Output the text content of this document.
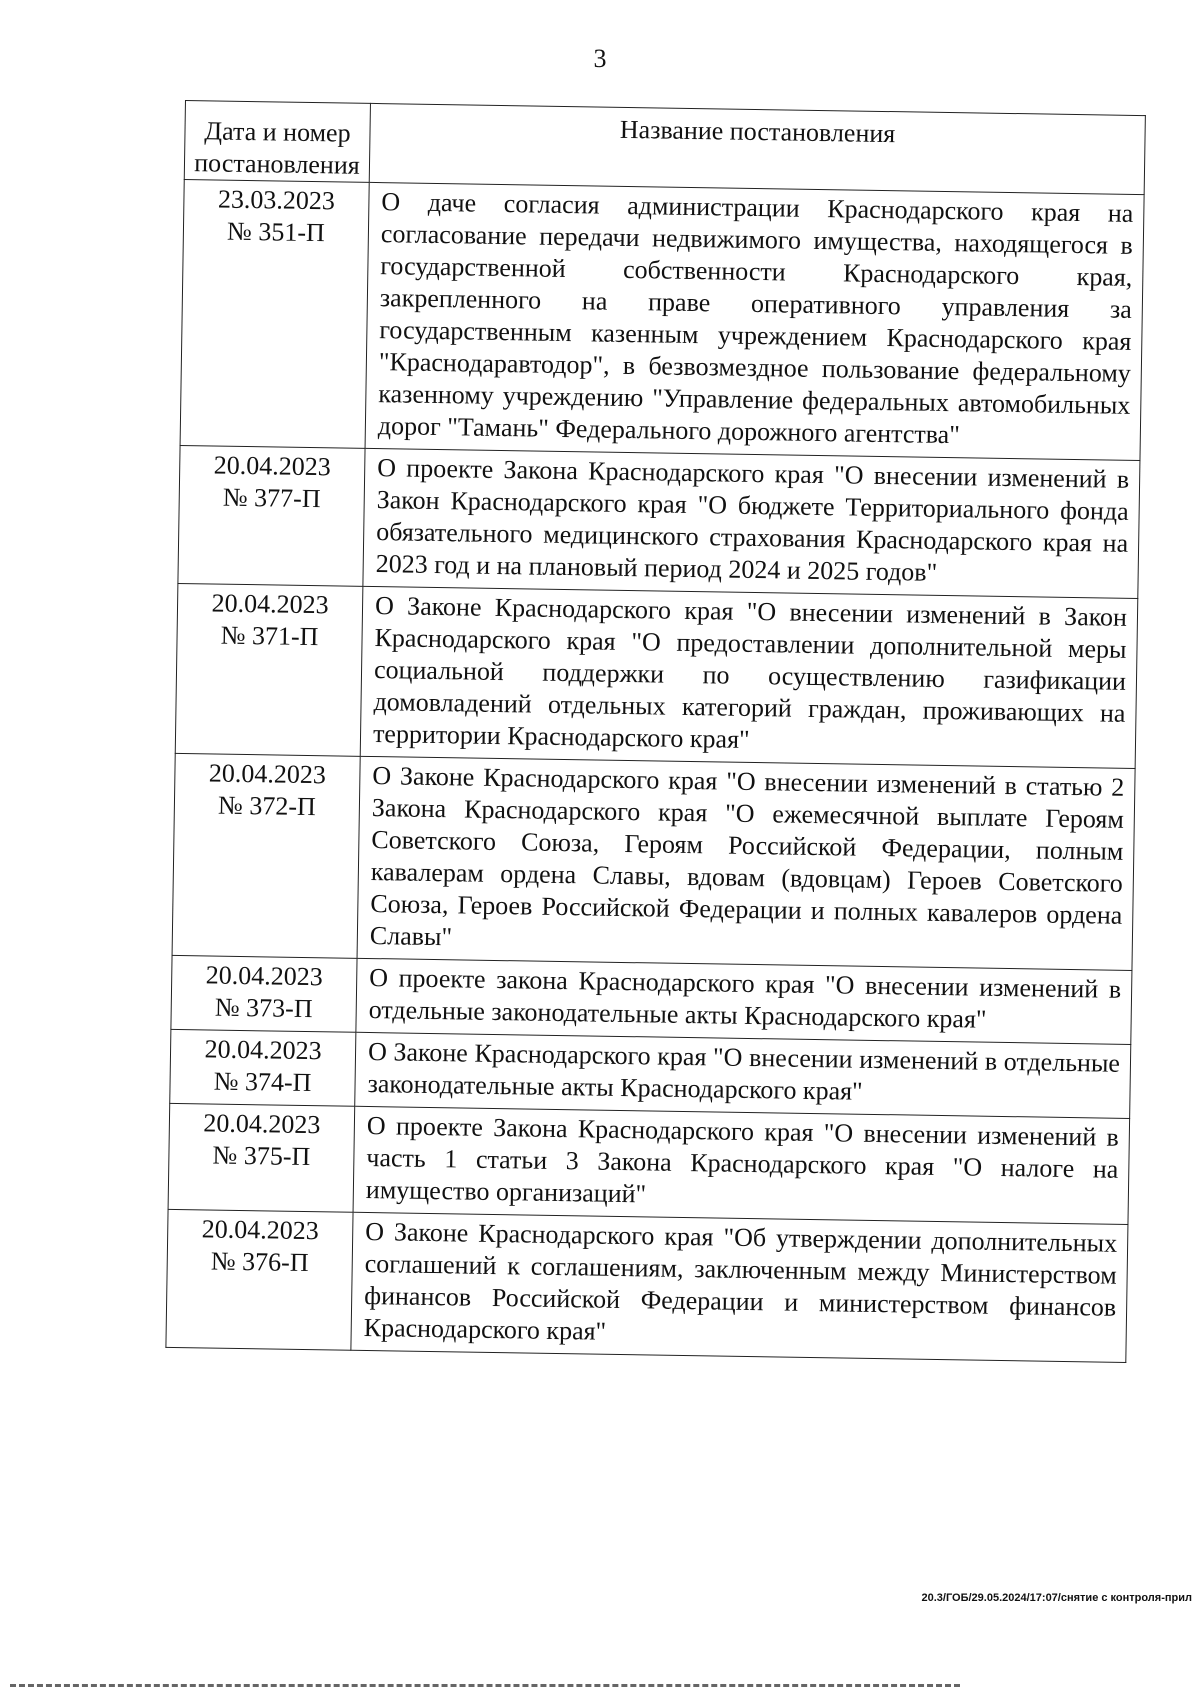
3
Дата и номер постановления	Название постановления

23.03.2023
№ 351-П	О даче согласия администрации Краснодарского края на согласование передачи недвижимого имущества, находящегося в государственной собственности Краснодарского края, закрепленного на праве оперативного управления за государственным казенным учреждением Краснодарского края "Краснодаравтодор", в безвозмездное пользование федеральному казенному учреждению "Управление федеральных автомобильных дорог "Тамань" Федерального дорожного агентства"

20.04.2023
№ 377-П	О проекте Закона Краснодарского края "О внесении изменений в Закон Краснодарского края "О бюджете Территориального фонда обязательного медицинского страхования Краснодарского края на 2023 год и на плановый период 2024 и 2025 годов"

20.04.2023
№ 371-П	О Законе Краснодарского края "О внесении изменений в Закон Краснодарского края "О предоставлении дополнительной меры социальной поддержки по осуществлению газификации домовладений отдельных категорий граждан, проживающих на территории Краснодарского края"

20.04.2023
№ 372-П	О Законе Краснодарского края "О внесении изменений в статью 2 Закона Краснодарского края "О ежемесячной выплате Героям Советского Союза, Героям Российской Федерации, полным кавалерам ордена Славы, вдовам (вдовцам) Героев Советского Союза, Героев Российской Федерации и полных кавалеров ордена Славы"

20.04.2023
№ 373-П	О проекте закона Краснодарского края "О внесении изменений в отдельные законодательные акты Краснодарского края"

20.04.2023
№ 374-П	О Законе Краснодарского края "О внесении изменений в отдельные законодательные акты Краснодарского края"

20.04.2023
№ 375-П	О проекте Закона Краснодарского края "О внесении изменений в часть 1 статьи 3 Закона Краснодарского края "О налоге на имущество организаций"

20.04.2023
№ 376-П	О Законе Краснодарского края "Об утверждении дополнительных соглашений к соглашениям, заключенным между Министерством финансов Российской Федерации и министерством финансов Краснодарского края"
20.3/ГОБ/29.05.2024/17:07/снятие с контроля-прил
